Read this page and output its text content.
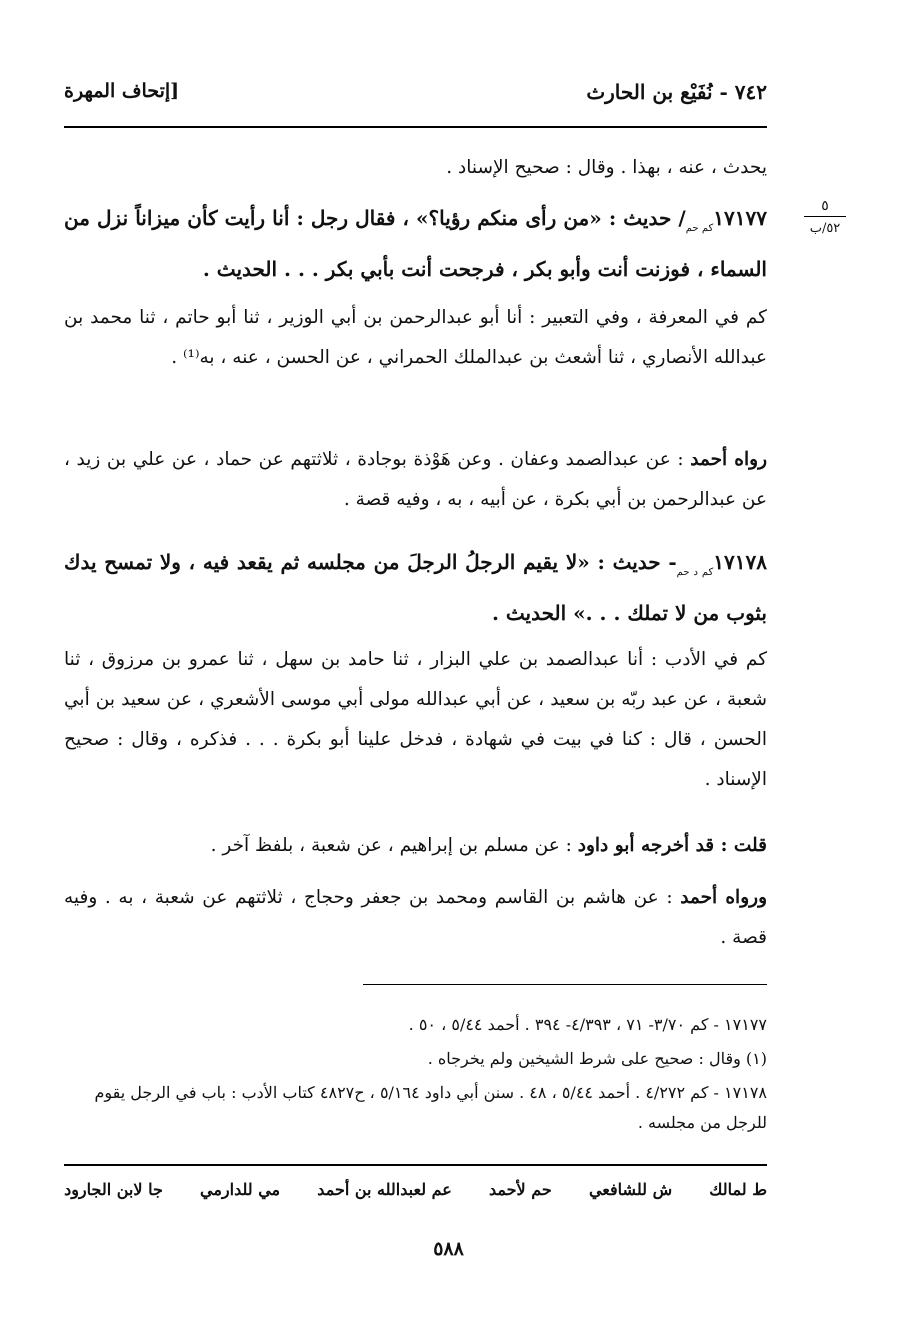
٧٤٢ - نُفَيْع بن الحارث
[إتحاف المهرة
٥
٥٢/ب
يحدث ، عنه ، بهذا . وقال : صحيح الإسناد .
$١٧١٧٧_{كم حم}/$ حديث : «من رأى منكم رؤيا؟» ، فقال رجل : أنا رأيت كأن ميزاناً نزل من السماء ، فوزنت أنت وأبو بكر ، فرجحت أنت بأبي بكر . . . الحديث .
كم في المعرفة ، وفي التعبير : أنا أبو عبدالرحمن بن أبي الوزير ، ثنا أبو حاتم ، ثنا محمد بن عبدالله الأنصاري ، ثنا أشعث بن عبدالملك الحمراني ، عن الحسن ، عنه ، به⁽¹⁾ .
رواه أحمد : عن عبدالصمد وعفان . وعن هَوْذة بوجادة ، ثلاثتهم عن حماد ، عن علي بن زيد ، عن عبدالرحمن بن أبي بكرة ، عن أبيه ، به ، وفيه قصة .
$١٧١٧٨_{كم د حم}-$ حديث : «لا يقيم الرجلُ الرجلَ من مجلسه ثم يقعد فيه ، ولا تمسح يدك بثوب من لا تملك . . .» الحديث .
كم في الأدب : أنا عبدالصمد بن علي البزار ، ثنا حامد بن سهل ، ثنا عمرو بن مرزوق ، ثنا شعبة ، عن عبد ربّه بن سعيد ، عن أبي عبدالله مولى أبي موسى الأشعري ، عن سعيد بن أبي الحسن ، قال : كنا في بيت في شهادة ، فدخل علينا أبو بكرة . . . فذكره ، وقال : صحيح الإسناد .
قلت : قد أخرجه أبو داود : عن مسلم بن إبراهيم ، عن شعبة ، بلفظ آخر .
ورواه أحمد : عن هاشم بن القاسم ومحمد بن جعفر وحجاج ، ثلاثتهم عن شعبة ، به . وفيه قصة .
١٧١٧٧ - كم ٣/٧٠- ٧١ ، ٤/٣٩٣- ٣٩٤ . أحمد ٥/٤٤ ، ٥٠ .
(١) وقال : صحيح على شرط الشيخين ولم يخرجاه .
١٧١٧٨ - كم ٤/٢٧٢ . أحمد ٥/٤٤ ، ٤٨ . سنن أبي داود ٥/١٦٤ ، ح٤٨٢٧ كتاب الأدب : باب في الرجل يقوم للرجل من مجلسه .
ط لمالك
ش للشافعي
حم لأحمد
عم لعبدالله بن أحمد
مي للدارمي
جا لابن الجارود
٥٨٨
